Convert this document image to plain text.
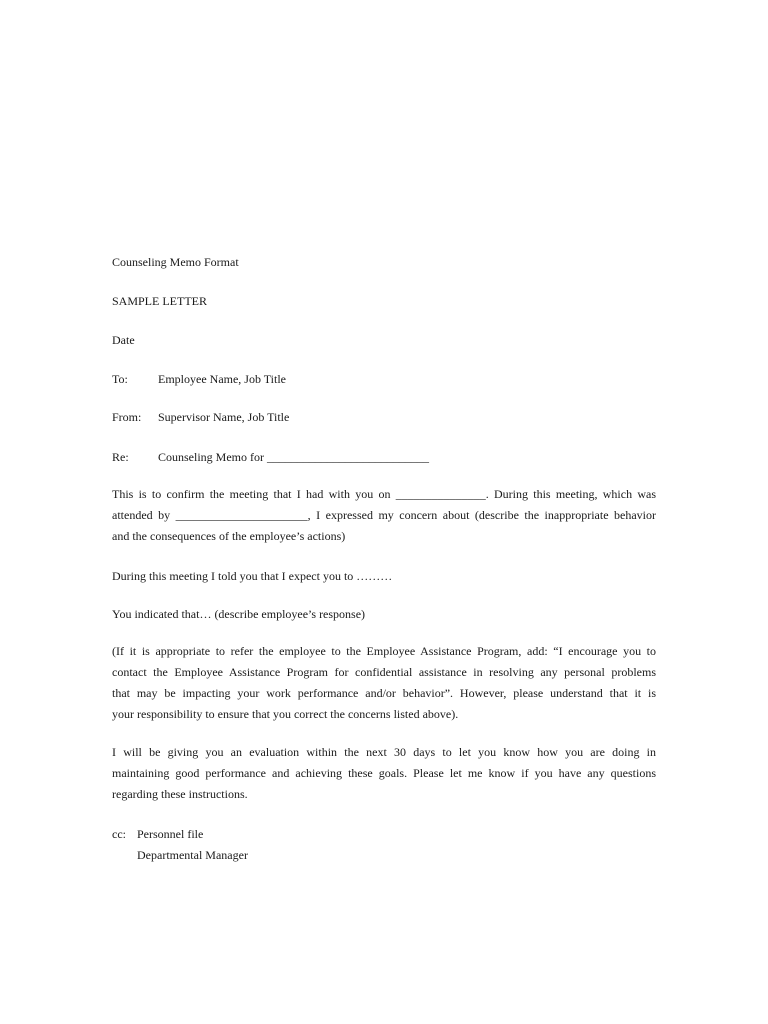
Counseling Memo Format
SAMPLE LETTER
Date
To:	Employee Name, Job Title
From: Supervisor Name, Job Title
Re: Counseling Memo for ___________________________
This is to confirm the meeting that I had with you on _______________. During this meeting, which was
attended by ______________________, I expressed my concern about (describe the inappropriate behavior
and the consequences of the employee’s actions)
During this meeting I told you that I expect you to ………
You indicated that… (describe employee’s response)
(If it is appropriate to refer the employee to the Employee Assistance Program, add: “I encourage you to
contact the Employee Assistance Program for confidential assistance in resolving any personal problems
that may be impacting your work performance and/or behavior”. However, please understand that it is
your responsibility to ensure that you correct the concerns listed above).
I will be giving you an evaluation within the next 30 days to let you know how you are doing in
maintaining good performance and achieving these goals. Please let me know if you have any questions
regarding these instructions.
cc: Personnel file
Departmental Manager
